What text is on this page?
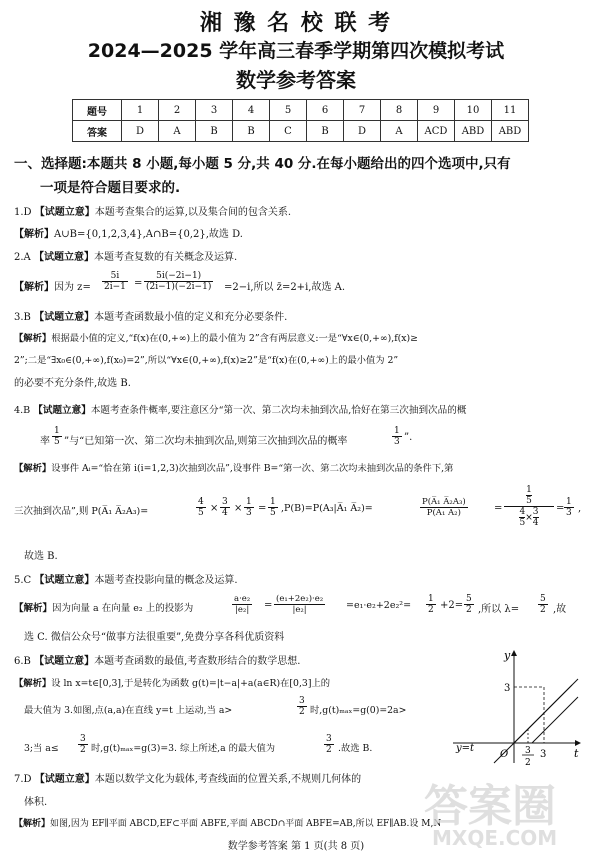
湘 豫 名 校 联 考
2024—2025 学年高三春季学期第四次模拟考试
数学参考答案
题号	1	2	3	4	5	6	7	8	9	10	11
答案	D	A	B	B	C	B	D	A	ACD	ABD	ABD
一、选择题:本题共 8 小题,每小题 5 分,共 40 分.在每小题给出的四个选项中,只有
一项是符合题目要求的.
1.D 【试题立意】本题考查集合的运算,以及集合间的包含关系.
【解析】A∪B={0,1,2,3,4},A∩B={0,2},故选 D.
2.A 【试题立意】本题考查复数的有关概念及运算.
【解析】因为 $z= \frac{5i}{2i-1} = \frac{5i(-2i-1)}{(2i-1)(-2i-1)} =2-i$,所以 z̄=2+i,故选 A.
3.B 【试题立意】本题考查函数最小值的定义和充分必要条件.
【解析】根据最小值的定义,“f(x)在(0,+∞)上的最小值为 2”含有两层意义:一是“∀x∈(0,+∞),f(x)≥
2”;二是“∃x₀∈(0,+∞),f(x₀)=2”,所以“∀x∈(0,+∞),f(x)≥2”是“f(x)在(0,+∞)上的最小值为 2”
的必要不充分条件,故选 B.
4.B 【试题立意】本题考查条件概率,要注意区分“第一次、第二次均未抽到次品,恰好在第三次抽到次品的概
率 $\frac{1}{5}$ ”与“已知第一次、第二次均未抽到次品,则第三次抽到次品的概率	$\frac{1}{3}$ ”.
【解析】设事件 Aᵢ=“恰在第 i(i=1,2,3)次抽到次品”,设事件 B=“第一次、第二次均未抽到次品的条件下,第
三次抽到次品”,则 P(A̅₁ A̅₂A₃)=	$\frac{4}{5} \times \frac{3}{4} \times \frac{1}{3} = \frac{1}{5}$ ,P(B)=P(A₃|A̅₁ A̅₂)=	$\frac{\text{P(A̅₁ A̅₂A₃)}}{\text{P(A̅₁ A̅₂)}}$	= $\frac{\frac{1}{5}}{\frac{4}{5} \times \frac{3}{4}} = \frac{1}{3}$ ,
故选 B.
5.C 【试题立意】本题考查投影向量的概念及运算.
【解析】因为向量 a 在向量 e₂ 上的投影为	$\frac{\text{a·e₂}}{\text{|e₂|}} = \frac{\text{(e₁+2e₂)·e₂}}{\text{|e₂|}} =e_1\cdot e_2+2e_2^2= \frac{1}{2} +2= \frac{5}{2}$ ,所以 $\lambda= \frac{5}{2}$ ,故
选 C. 微信公众号“做事方法很重要”,免费分享各科优质资料
6.B 【试题立意】本题考查函数的最值,考查数形结合的数学思想.
【解析】设 ln x=t∈[0,3],于是转化为函数 g(t)=|t−a|+a(a∈R)在[0,3]上的
最大值为 3.如图,点(a,a)在直线 y=t 上运动,当 a>	$\frac{3}{2}$ 时,g(t)ₘₐₓ=g(0)=2a>
3;当 $a\le \frac{3}{2}$ 时,g(t)ₘₐₓ=g(3)=3. 综上所述,a 的最大值为	$\frac{3}{2}$ .故选 B.
y
t
O
3
3
3
2
y=t
7.D 【试题立意】本题以数学文化为载体,考查线面的位置关系,不规则几何体的
体积.
【解析】如图,因为 EF∥平面 ABCD,EF⊂平面 ABFE,平面 ABCD∩平面 ABFE=AB,所以 EF∥AB.设 M,N
答案圈
MXQE.COM
数学参考答案 第 1 页(共 8 页)
